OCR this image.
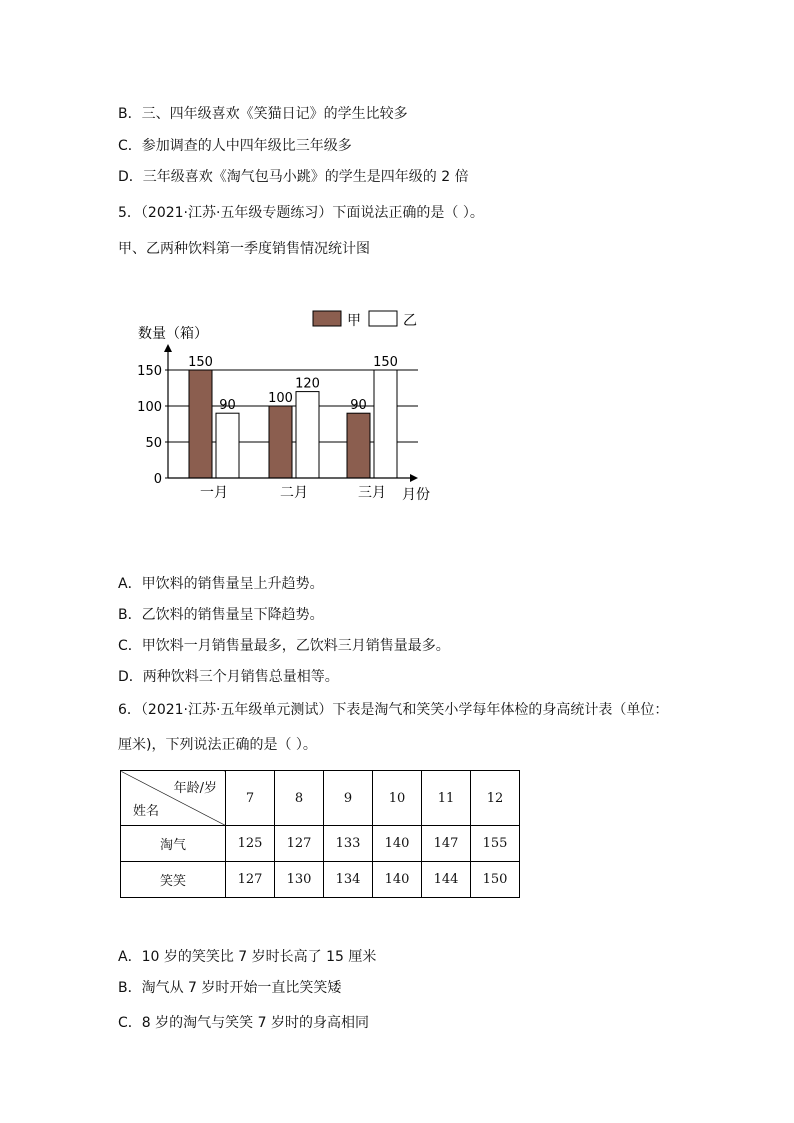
B．三、四年级喜欢《笑猫日记》的学生比较多
C．参加调查的人中四年级比三年级多
D．三年级喜欢《淘气包马小跳》的学生是四年级的 2 倍
5．（2021·江苏·五年级专题练习）下面说法正确的是（ ）。
甲、乙两种饮料第一季度销售情况统计图
甲	乙
数量（箱）
月份
150
90 100
120
90
150
0
50
100
150
一月	二月	三月
A．甲饮料的销售量呈上升趋势。
B．乙饮料的销售量呈下降趋势。
C．甲饮料一月销售量最多，乙饮料三月销售量最多。
D．两种饮料三个月销售总量相等。
6．（2021·江苏·五年级单元测试）下表是淘气和笑笑小学每年体检的身高统计表（单位：
厘米)，下列说法正确的是（ ）。
年龄/岁
姓名	7	8	9	10	11	12
淘气	125	127	133	140	147	155
笑笑	127	130	134	140	144	150
A．10 岁的笑笑比 7 岁时长高了 15 厘米
B．淘气从 7 岁时开始一直比笑笑矮
C．8 岁的淘气与笑笑 7 岁时的身高相同
